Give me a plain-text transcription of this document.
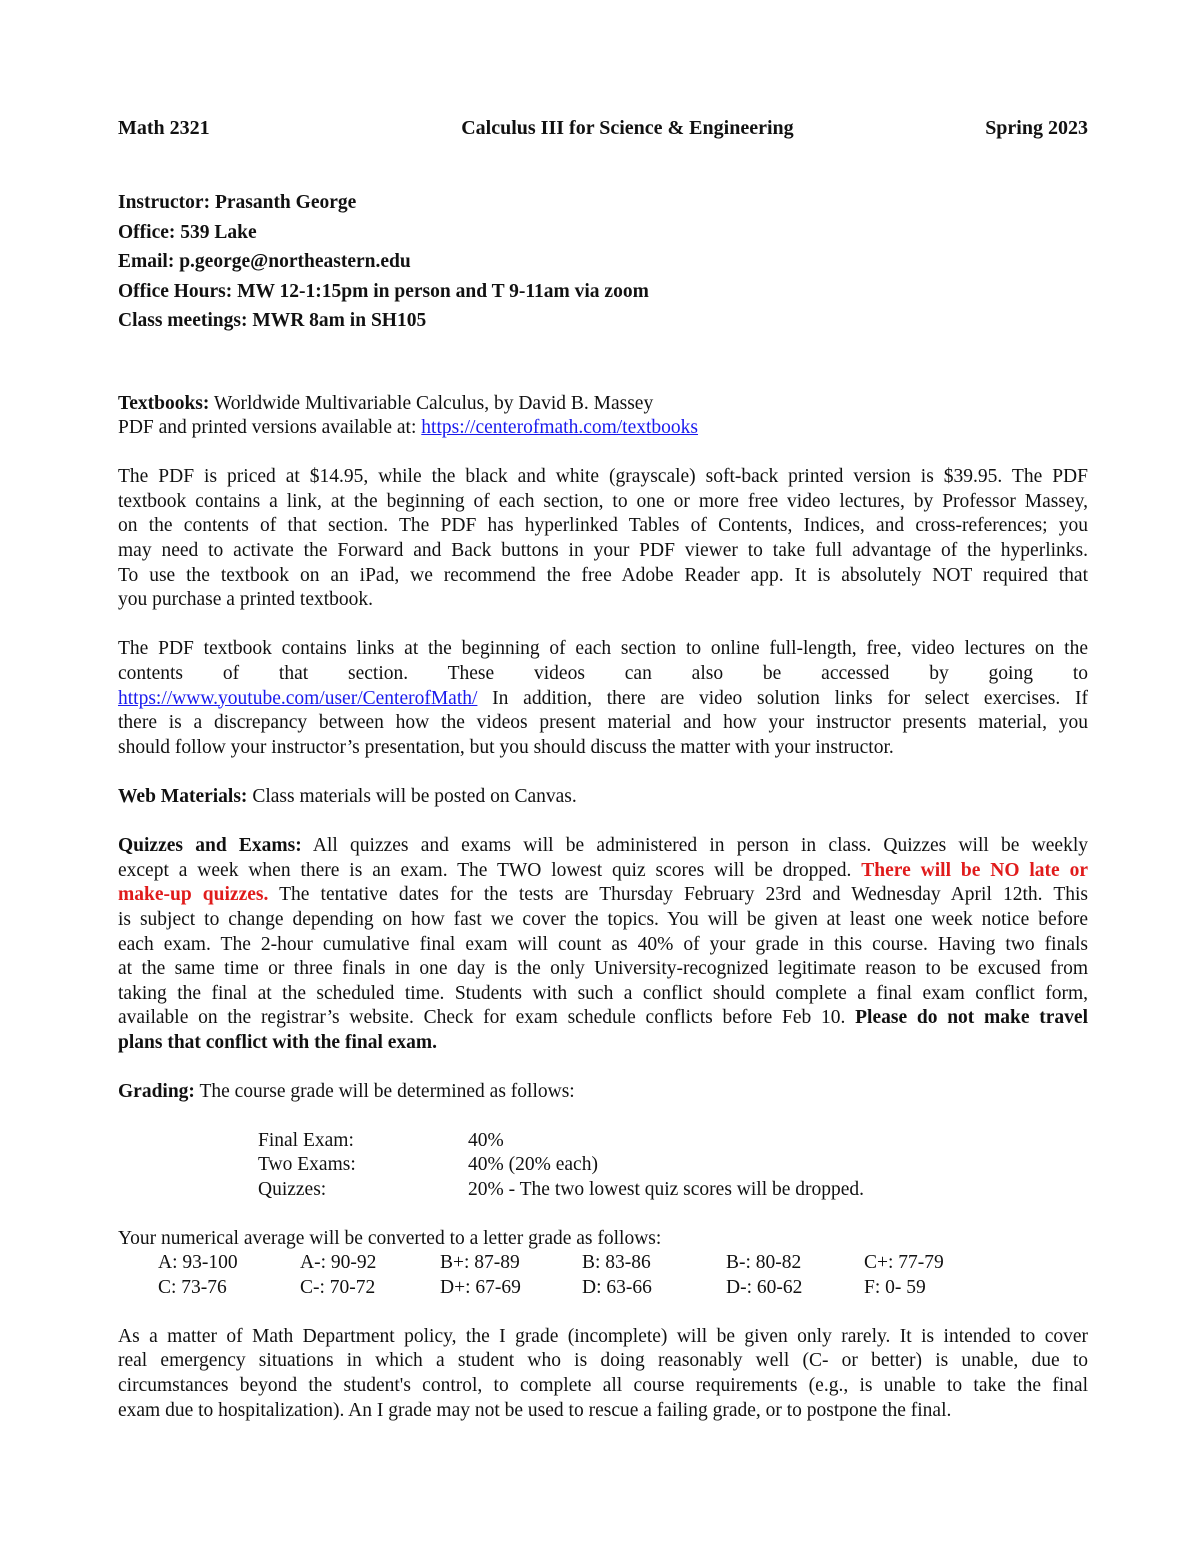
Math 2321	Calculus III for Science & Engineering	Spring 2023
Instructor: Prasanth George
Office: 539 Lake
Email: p.george@northeastern.edu
Office Hours: MW 12-1:15pm in person and T 9-11am via zoom
Class meetings: MWR 8am in SH105

Textbooks: Worldwide Multivariable Calculus, by David B. Massey

PDF and printed versions available at: https://centerofmath.com/textbooks

The PDF is priced at $14.95, while the black and white (grayscale) soft-back printed version is $39.95. The PDF

textbook contains a link, at the beginning of each section, to one or more free video lectures, by Professor Massey,

on the contents of that section. The PDF has hyperlinked Tables of Contents, Indices, and cross-references; you

may need to activate the Forward and Back buttons in your PDF viewer to take full advantage of the hyperlinks.

To use the textbook on an iPad, we recommend the free Adobe Reader app. It is absolutely NOT required that

you purchase a printed textbook.

The PDF textbook contains links at the beginning of each section to online full-length, free, video lectures on the

contents of that section. These videos can also be accessed by going to

https://www.youtube.com/user/CenterofMath/ In addition, there are video solution links for select exercises. If

there is a discrepancy between how the videos present material and how your instructor presents material, you

should follow your instructor’s presentation, but you should discuss the matter with your instructor.

Web Materials: Class materials will be posted on Canvas.

Quizzes and Exams: All quizzes and exams will be administered in person in class. Quizzes will be weekly

except a week when there is an exam. The TWO lowest quiz scores will be dropped. There will be NO late or

make-up quizzes. The tentative dates for the tests are Thursday February 23rd and Wednesday April 12th. This

is subject to change depending on how fast we cover the topics. You will be given at least one week notice before

each exam. The 2-hour cumulative final exam will count as 40% of your grade in this course. Having two finals

at the same time or three finals in one day is the only University-recognized legitimate reason to be excused from

taking the final at the scheduled time. Students with such a conflict should complete a final exam conflict form,

available on the registrar’s website. Check for exam schedule conflicts before Feb 10. Please do not make travel

plans that conflict with the final exam.

Grading: The course grade will be determined as follows:

Final Exam:	40%
Two Exams:	40% (20% each)
Quizzes:	20% - The two lowest quiz scores will be dropped.

Your numerical average will be converted to a letter grade as follows:

A: 93-100	A-: 90-92	B+: 87-89	B: 83-86	B-: 80-82	C+: 77-79
C: 73-76	C-: 70-72	D+: 67-69	D: 63-66	D-: 60-62	F: 0- 59

As a matter of Math Department policy, the I grade (incomplete) will be given only rarely. It is intended to cover

real emergency situations in which a student who is doing reasonably well (C- or better) is unable, due to

circumstances beyond the student's control, to complete all course requirements (e.g., is unable to take the final

exam due to hospitalization). An I grade may not be used to rescue a failing grade, or to postpone the final.
